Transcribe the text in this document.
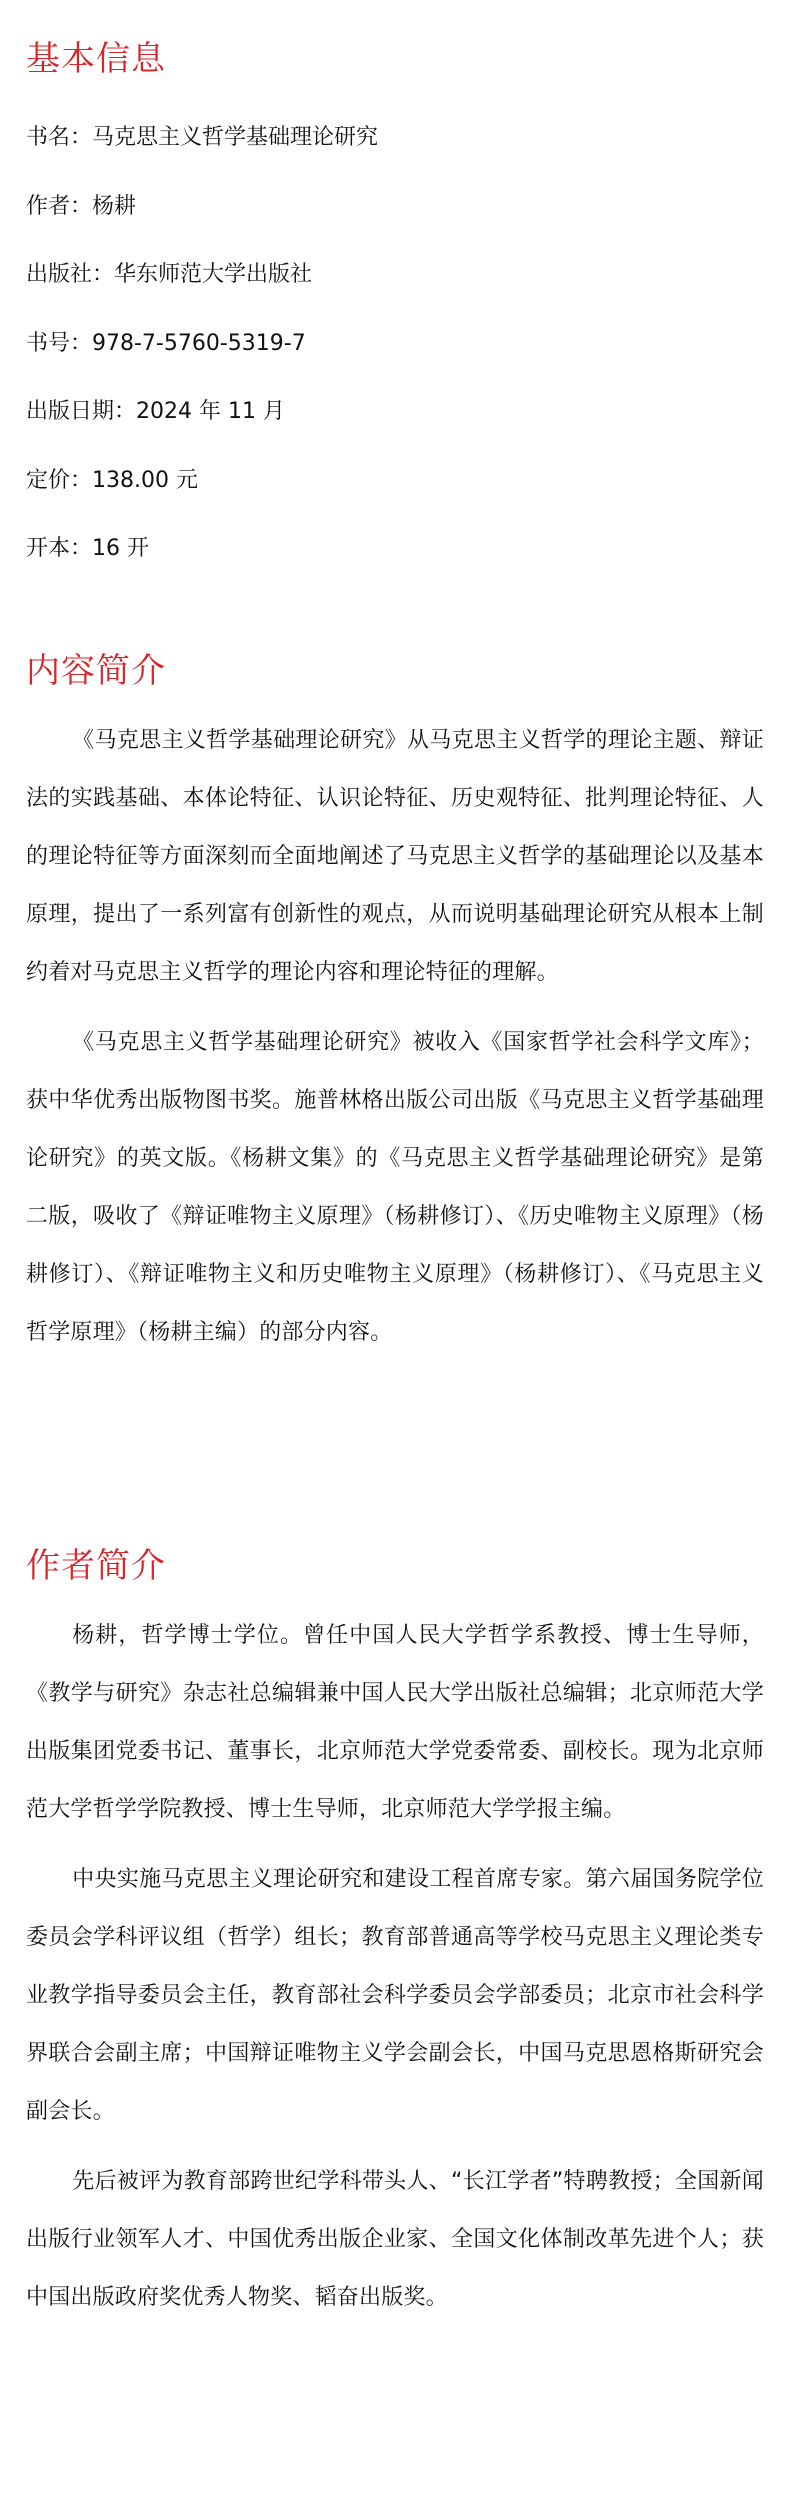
基本信息
书名：马克思主义哲学基础理论研究
作者：杨耕
出版社：华东师范大学出版社
书号：978-7-5760-5319-7
出版日期：2024 年 11 月
定价：138.00 元
开本：16 开
内容简介

《马克思主义哲学基础理论研究》从马克思主义哲学的理论主题、辩证法的实践基础、本体论特征、认识论特征、历史观特征、批判理论特征、人的理论特征等方面深刻而全面地阐述了马克思主义哲学的基础理论以及基本原理，提出了一系列富有创新性的观点，从而说明基础理论研究从根本上制约着对马克思主义哲学的理论内容和理论特征的理解。

《马克思主义哲学基础理论研究》被收入《国家哲学社会科学文库》；获中华优秀出版物图书奖。施普林格出版公司出版《马克思主义哲学基础理论研究》的英文版。《杨耕文集》的《马克思主义哲学基础理论研究》是第二版，吸收了《辩证唯物主义原理》（杨耕修订）、《历史唯物主义原理》（杨耕修订）、《辩证唯物主义和历史唯物主义原理》（杨耕修订）、《马克思主义哲学原理》（杨耕主编）的部分内容。

作者简介

杨耕，哲学博士学位。曾任中国人民大学哲学系教授、博士生导师，《教学与研究》杂志社总编辑兼中国人民大学出版社总编辑；北京师范大学出版集团党委书记、董事长，北京师范大学党委常委、副校长。现为北京师范大学哲学学院教授、博士生导师，北京师范大学学报主编。

中央实施马克思主义理论研究和建设工程首席专家。第六届国务院学位委员会学科评议组（哲学）组长；教育部普通高等学校马克思主义理论类专业教学指导委员会主任，教育部社会科学委员会学部委员；北京市社会科学界联合会副主席；中国辩证唯物主义学会副会长，中国马克思恩格斯研究会副会长。

先后被评为教育部跨世纪学科带头人、“长江学者”特聘教授；全国新闻出版行业领军人才、中国优秀出版企业家、全国文化体制改革先进个人；获中国出版政府奖优秀人物奖、韬奋出版奖。
